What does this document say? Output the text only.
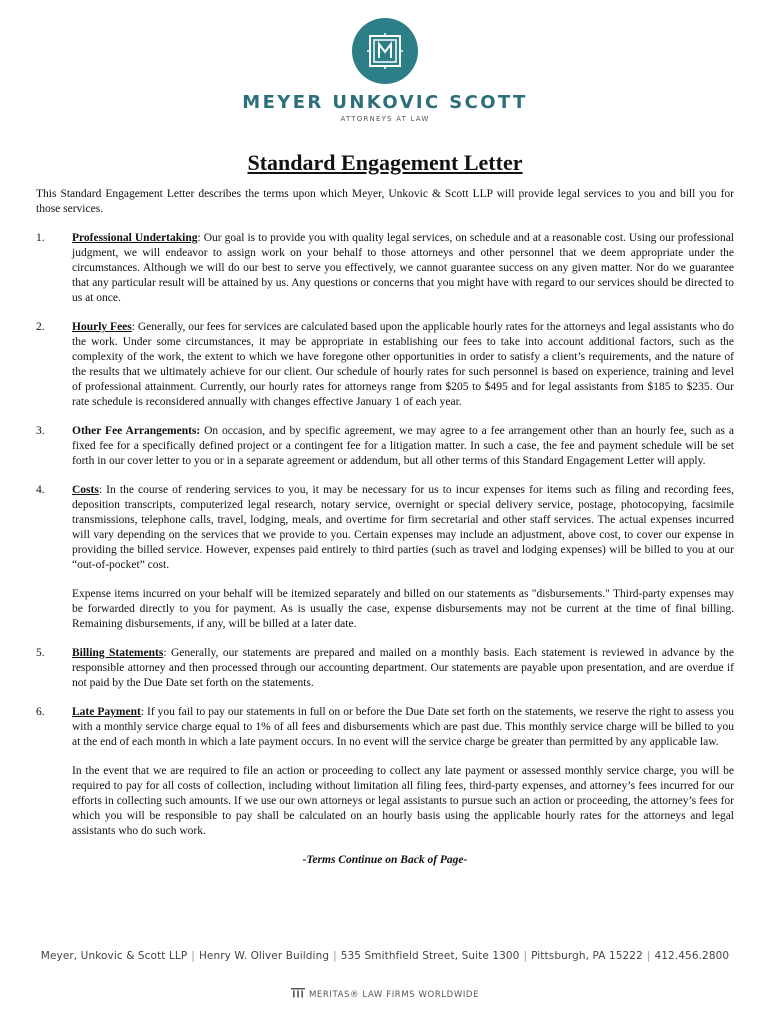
MEYER UNKOVIC SCOTT
ATTORNEYS AT LAW
Standard Engagement Letter

This Standard Engagement Letter describes the terms upon which Meyer, Unkovic & Scott LLP will provide legal services to you and bill you for those services.

1. Professional Undertaking: Our goal is to provide you with quality legal services, on schedule and at a reasonable cost. Using our professional judgment, we will endeavor to assign work on your behalf to those attorneys and other personnel that we deem appropriate under the circumstances. Although we will do our best to serve you effectively, we cannot guarantee success on any given matter. Nor do we guarantee that any particular result will be attained by us. Any questions or concerns that you might have with regard to our services should be directed to us at once.

2. Hourly Fees: Generally, our fees for services are calculated based upon the applicable hourly rates for the attorneys and legal assistants who do the work. Under some circumstances, it may be appropriate in establishing our fees to take into account additional factors, such as the complexity of the work, the extent to which we have foregone other opportunities in order to satisfy a client’s requirements, and the nature of the results that we ultimately achieve for our client. Our schedule of hourly rates for such personnel is based on experience, training and level of professional attainment. Currently, our hourly rates for attorneys range from $205 to $495 and for legal assistants from $185 to $235. Our rate schedule is reconsidered annually with changes effective January 1 of each year.

3. Other Fee Arrangements: On occasion, and by specific agreement, we may agree to a fee arrangement other than an hourly fee, such as a fixed fee for a specifically defined project or a contingent fee for a litigation matter. In such a case, the fee and payment schedule will be set forth in our cover letter to you or in a separate agreement or addendum, but all other terms of this Standard Engagement Letter will apply.

4. Costs: In the course of rendering services to you, it may be necessary for us to incur expenses for items such as filing and recording fees, deposition transcripts, computerized legal research, notary service, overnight or special delivery service, postage, photocopying, facsimile transmissions, telephone calls, travel, lodging, meals, and overtime for firm secretarial and other staff services. The actual expenses incurred will vary depending on the services that we provide to you. Certain expenses may include an adjustment, above cost, to cover our expense in providing the billed service. However, expenses paid entirely to third parties (such as travel and lodging expenses) will be billed to you at our “out-of-pocket” cost.

Expense items incurred on your behalf will be itemized separately and billed on our statements as "disbursements." Third-party expenses may be forwarded directly to you for payment. As is usually the case, expense disbursements may not be current at the time of final billing. Remaining disbursements, if any, will be billed at a later date.

5. Billing Statements: Generally, our statements are prepared and mailed on a monthly basis. Each statement is reviewed in advance by the responsible attorney and then processed through our accounting department. Our statements are payable upon presentation, and are overdue if not paid by the Due Date set forth on the statements.

6. Late Payment: If you fail to pay our statements in full on or before the Due Date set forth on the statements, we reserve the right to assess you with a monthly service charge equal to 1% of all fees and disbursements which are past due. This monthly service charge will be billed to you at the end of each month in which a late payment occurs. In no event will the service charge be greater than permitted by any applicable law.

In the event that we are required to file an action or proceeding to collect any late payment or assessed monthly service charge, you will be required to pay for all costs of collection, including without limitation all filing fees, third-party expenses, and attorney’s fees incurred for our efforts in collecting such amounts. If we use our own attorneys or legal assistants to pursue such an action or proceeding, the attorney’s fees for which you will be responsible to pay shall be calculated on an hourly basis using the applicable hourly rates for the attorneys and legal assistants who do such work.

-Terms Continue on Back of Page-

Meyer, Unkovic & Scott LLP | Henry W. Oliver Building | 535 Smithfield Street, Suite 1300 | Pittsburgh, PA 15222 | 412.456.2800
MERITAS® LAW FIRMS WORLDWIDE
